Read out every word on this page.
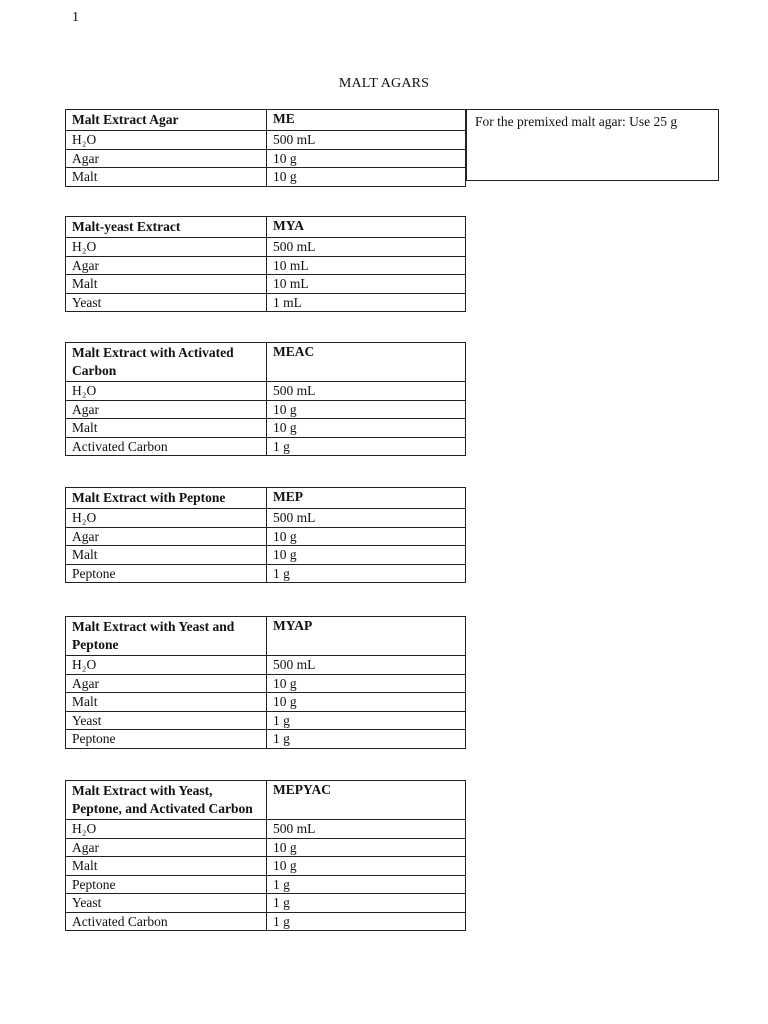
1
MALT AGARS
Malt Extract Agar	ME
H₂O	500 mL
Agar	10 g
Malt	10 g
For the premixed malt agar: Use 25 g
Malt-yeast Extract	MYA
H₂O	500 mL
Agar	10 mL
Malt	10 mL
Yeast	1 mL
Malt Extract with Activated Carbon	MEAC
H₂O	500 mL
Agar	10 g
Malt	10 g
Activated Carbon	1 g
Malt Extract with Peptone	MEP
H₂O	500 mL
Agar	10 g
Malt	10 g
Peptone	1 g
Malt Extract with Yeast and Peptone	MYAP
H₂O	500 mL
Agar	10 g
Malt	10 g
Yeast	1 g
Peptone	1 g
Malt Extract with Yeast, Peptone, and Activated Carbon	MEPYAC
H₂O	500 mL
Agar	10 g
Malt	10 g
Peptone	1 g
Yeast	1 g
Activated Carbon	1 g
